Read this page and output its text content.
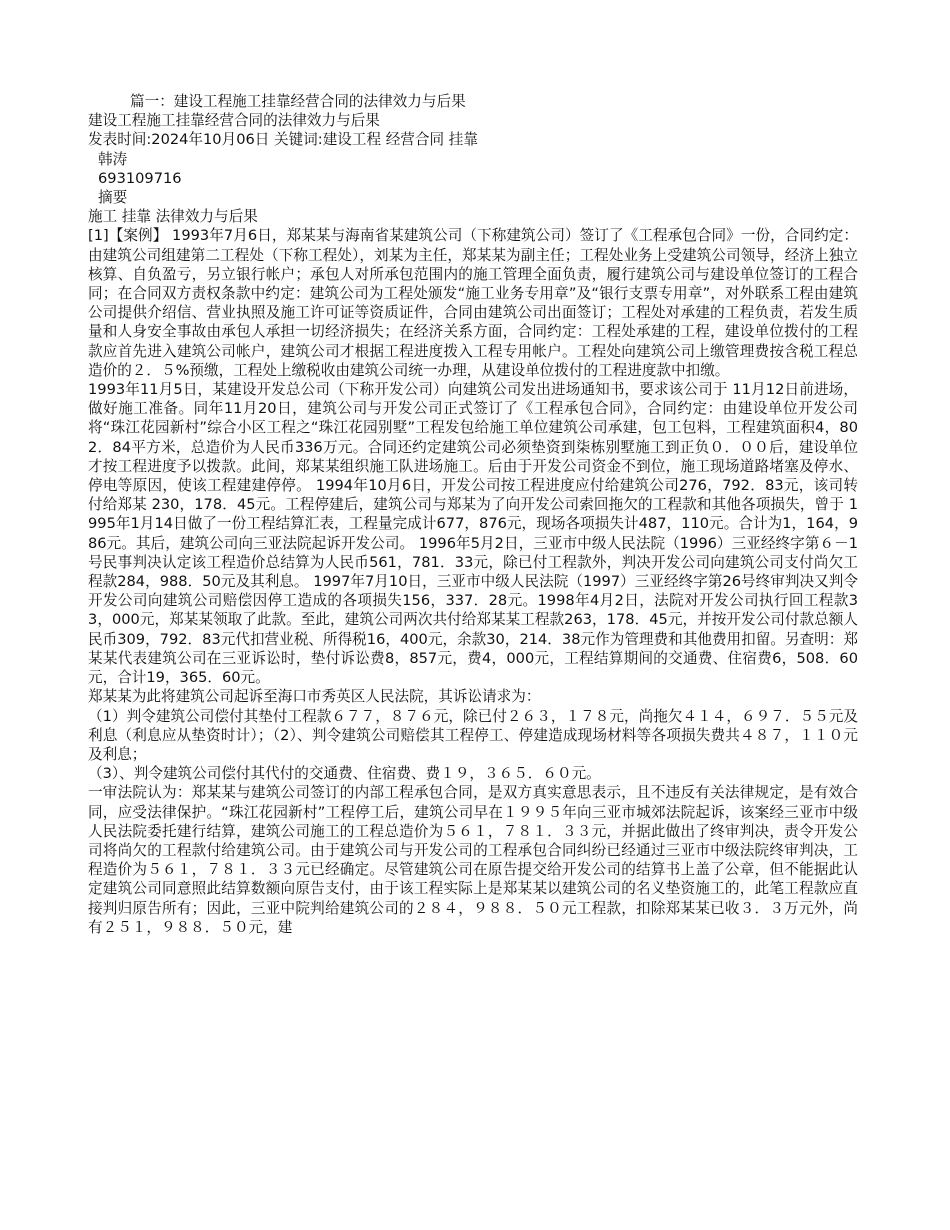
篇一：建设工程施工挂靠经营合同的法律效力与后果
建设工程施工挂靠经营合同的法律效力与后果
发表时间:2024年10月06日 关键词:建设工程 经营合同 挂靠
韩涛
693109716
摘要
施工 挂靠 法律效力与后果
[1]【案例】 1993年7月6日，郑某某与海南省某建筑公司（下称建筑公司）签订了《工程承包合同》一份，合同约定：由建筑公司组建第二工程处（下称工程处），刘某为主任，郑某某为副主任；工程处业务上受建筑公司领导，经济上独立核算、自负盈亏，另立银行帐户；承包人对所承包范围内的施工管理全面负责，履行建筑公司与建设单位签订的工程合同；在合同双方责权条款中约定：建筑公司为工程处颁发“施工业务专用章”及“银行支票专用章”，对外联系工程由建筑公司提供介绍信、营业执照及施工许可证等资质证件，合同由建筑公司出面签订；工程处对承建的工程负责，若发生质量和人身安全事故由承包人承担一切经济损失；在经济关系方面，合同约定：工程处承建的工程，建设单位拨付的工程款应首先进入建筑公司帐户，建筑公司才根据工程进度拨入工程专用帐户。工程处向建筑公司上缴管理费按含税工程总造价的２．５%预缴，工程处上缴税收由建筑公司统一办理，从建设单位拨付的工程进度款中扣缴。
1993年11月5日，某建设开发总公司（下称开发公司）向建筑公司发出进场通知书，要求该公司于 11月12日前进场，做好施工准备。同年11月20日，建筑公司与开发公司正式签订了《工程承包合同》，合同约定：由建设单位开发公司将“珠江花园新村”综合小区工程之“珠江花园别墅”工程发包给施工单位建筑公司承建，包工包料，工程建筑面积4，802．84平方米，总造价为人民币336万元。合同还约定建筑公司必须垫资到柒栋别墅施工到正负０．００后，建设单位才按工程进度予以拨款。此间，郑某某组织施工队进场施工。后由于开发公司资金不到位，施工现场道路堵塞及停水、停电等原因，使该工程建建停停。 1994年10月6日，开发公司按工程进度应付给建筑公司276，792．83元，该司转付给郑某 230，178．45元。工程停建后，建筑公司与郑某为了向开发公司索回拖欠的工程款和其他各项损失，曾于 1995年1月14日做了一份工程结算汇表，工程量完成计677，876元，现场各项损失计487，110元。合计为1，164，986元。其后，建筑公司向三亚法院起诉开发公司。 1996年5月2日，三亚市中级人民法院（1996）三亚经终字第６－1号民事判决认定该工程造价总结算为人民币561，781．33元，除已付工程款外，判决开发公司向建筑公司支付尚欠工程款284，988．50元及其利息。 1997年7月10日，三亚市中级人民法院（1997）三亚经终字第26号终审判决又判令开发公司向建筑公司赔偿因停工造成的各项损失156，337．28元。1998年4月2日，法院对开发公司执行回工程款33，000元，郑某某领取了此款。至此，建筑公司两次共付给郑某某工程款263，178．45元，并按开发公司付款总额人民币309，792．83元代扣营业税、所得税16，400元，余款30，214．38元作为管理费和其他费用扣留。另查明：郑某某代表建筑公司在三亚诉讼时，垫付诉讼费8，857元，费4，000元，工程结算期间的交通费、住宿费6，508．60元，合计19，365．60元。
郑某某为此将建筑公司起诉至海口市秀英区人民法院，其诉讼请求为：
（1）判令建筑公司偿付其垫付工程款６７７，８７６元，除已付２６３，１７８元，尚拖欠４１４，６９７．５５元及利息（利息应从垫资时计）；（2）、判令建筑公司赔偿其工程停工、停建造成现场材料等各项损失费共４８７，１１０元及利息；
（3）、判令建筑公司偿付其代付的交通费、住宿费、费１９，３６５．６０元。
一审法院认为：郑某某与建筑公司签订的内部工程承包合同，是双方真实意思表示，且不违反有关法律规定，是有效合同，应受法律保护。“珠江花园新村”工程停工后，建筑公司早在１９９５年向三亚市城郊法院起诉，该案经三亚市中级人民法院委托建行结算，建筑公司施工的工程总造价为５６１，７８１．３３元，并据此做出了终审判决，责令开发公司将尚欠的工程款付给建筑公司。由于建筑公司与开发公司的工程承包合同纠纷已经通过三亚市中级法院终审判决，工程造价为５６１，７８１．３３元已经确定。尽管建筑公司在原告提交给开发公司的结算书上盖了公章，但不能据此认定建筑公司同意照此结算数额向原告支付，由于该工程实际上是郑某某以建筑公司的名义垫资施工的，此笔工程款应直接判归原告所有；因此，三亚中院判给建筑公司的２８４，９８８．５０元工程款，扣除郑某某已收３．３万元外，尚有２５１，９８８．５０元，建
